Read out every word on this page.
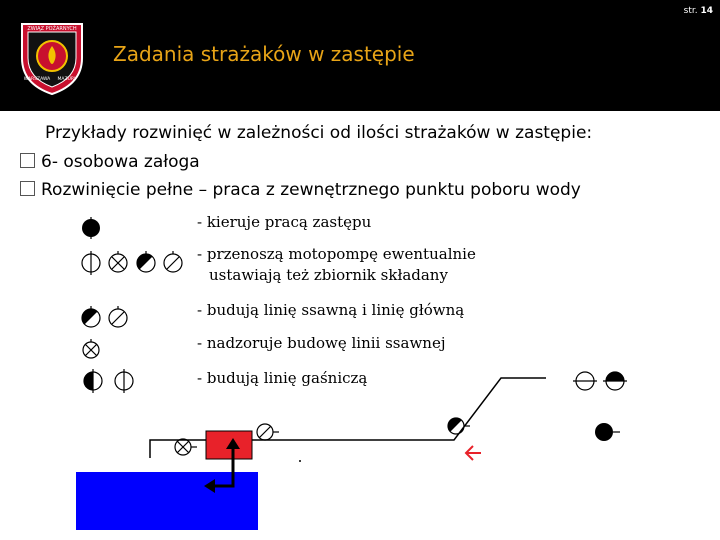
ZWIĄZ POŻARNYCH
WARSZAWA MAZURY
Zadania strażaków w zastępie
str. 14
Przykłady rozwinięć w zależności od ilości strażaków w zastępie:
6- osobowa załoga
Rozwinięcie pełne – praca z zewnętrznego punktu poboru wody
- kieruje pracą zastępu
- przenoszą motopompę ewentualnie
ustawiają też zbiornik składany
- budują linię ssawną i linię główną
- nadzoruje budowę linii ssawnej
- budują linię gaśniczą
